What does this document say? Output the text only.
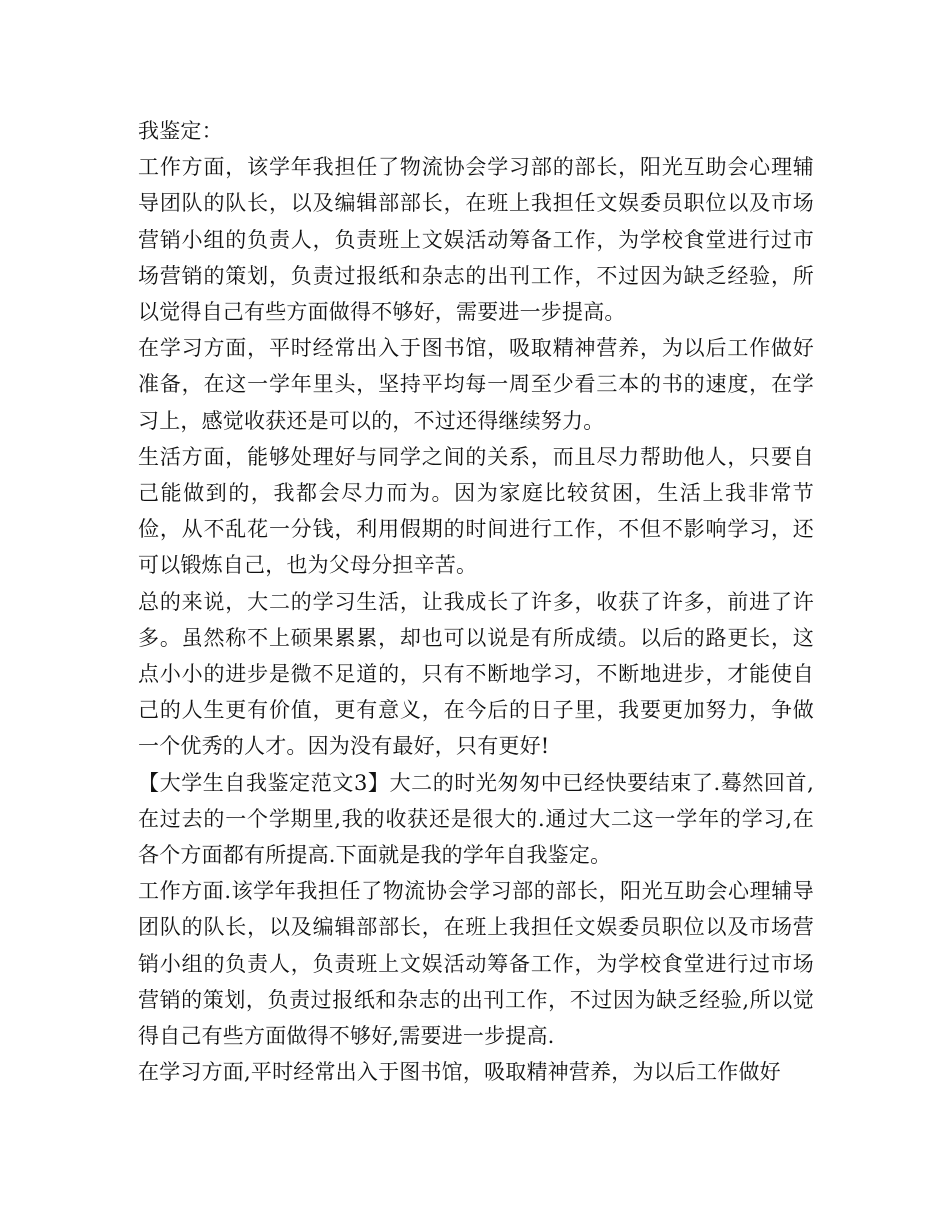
我鉴定：

工作方面，该学年我担任了物流协会学习部的部长，阳光互助会心理辅导团队的队长，以及编辑部部长，在班上我担任文娱委员职位以及市场营销小组的负责人，负责班上文娱活动筹备工作，为学校食堂进行过市场营销的策划，负责过报纸和杂志的出刊工作，不过因为缺乏经验，所以觉得自己有些方面做得不够好，需要进一步提高。

在学习方面，平时经常出入于图书馆，吸取精神营养，为以后工作做好准备，在这一学年里头，坚持平均每一周至少看三本的书的速度，在学习上，感觉收获还是可以的，不过还得继续努力。

生活方面，能够处理好与同学之间的关系，而且尽力帮助他人，只要自己能做到的，我都会尽力而为。因为家庭比较贫困，生活上我非常节俭，从不乱花一分钱，利用假期的时间进行工作，不但不影响学习，还可以锻炼自己，也为父母分担辛苦。

总的来说，大二的学习生活，让我成长了许多，收获了许多，前进了许多。虽然称不上硕果累累，却也可以说是有所成绩。以后的路更长，这点小小的进步是微不足道的，只有不断地学习，不断地进步，才能使自己的人生更有价值，更有意义，在今后的日子里，我要更加努力，争做一个优秀的人才。因为没有最好，只有更好!

【大学生自我鉴定范文3】大二的时光匆匆中已经快要结束了.蓦然回首,在过去的一个学期里,我的收获还是很大的.通过大二这一学年的学习,在各个方面都有所提高.下面就是我的学年自我鉴定。

工作方面.该学年我担任了物流协会学习部的部长，阳光互助会心理辅导团队的队长，以及编辑部部长，在班上我担任文娱委员职位以及市场营销小组的负责人，负责班上文娱活动筹备工作，为学校食堂进行过市场营销的策划，负责过报纸和杂志的出刊工作，不过因为缺乏经验,所以觉得自己有些方面做得不够好,需要进一步提高.

在学习方面,平时经常出入于图书馆，吸取精神营养，为以后工作做好
